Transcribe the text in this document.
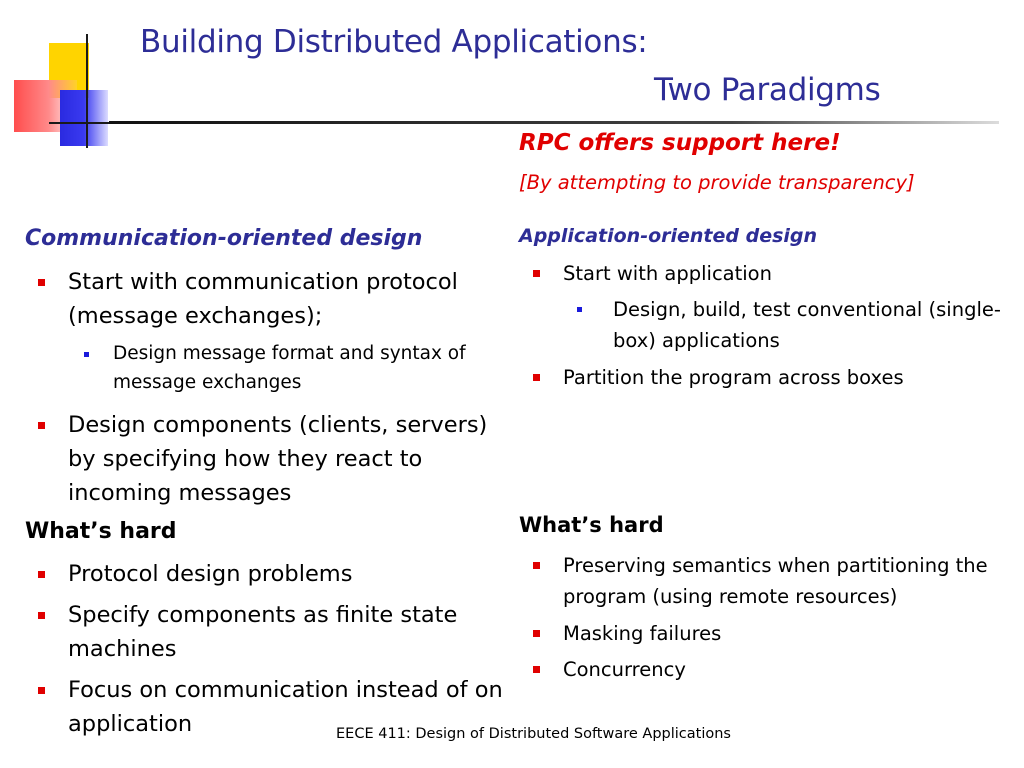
Building Distributed Applications:
Two Paradigms
RPC offers support here!
[By attempting to provide transparency]
Communication-oriented design
Start with communication protocol (message exchanges);
Design message format and syntax of message exchanges
Design components (clients, servers) by specifying how they react to incoming messages
What’s hard
Protocol design problems
Specify components as finite state machines
Focus on communication instead of on application
Application-oriented design
Start with application
Design, build, test conventional (single-box) applications
Partition the program across boxes
What’s hard
Preserving semantics when partitioning the program (using remote resources)
Masking failures
Concurrency
EECE 411: Design of Distributed Software Applications
